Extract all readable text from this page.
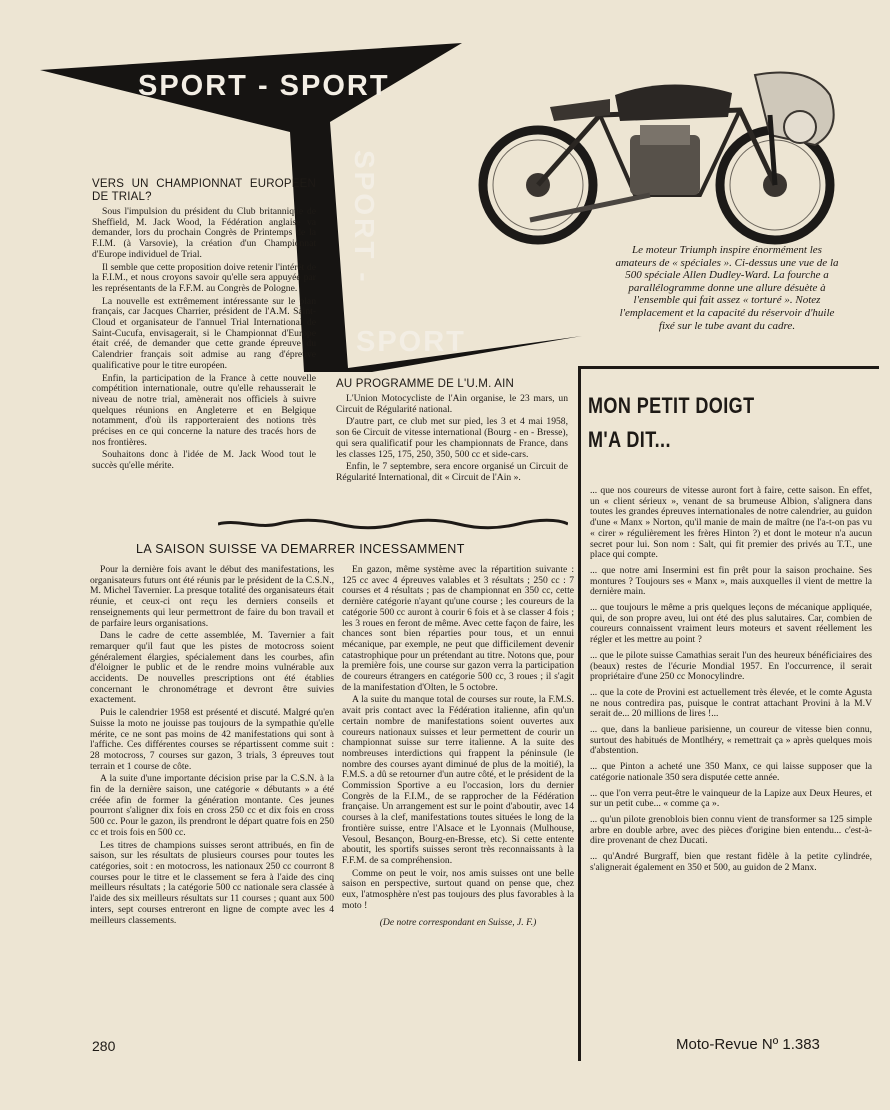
SPORT - SPORT
SPORT -
SPORT
Le moteur Triumph inspire énormément les amateurs de « spéciales ». Ci-dessus une vue de la 500 spéciale Allen Dudley-Ward. La fourche a parallélogramme donne une allure désuète à l'ensemble qui fait assez « torturé ». Notez l'emplacement et la capacité du réservoir d'huile fixé sur le tube avant du cadre.
VERS UN CHAMPIONNAT EUROPEEN DE TRIAL?

Sous l'impulsion du président du Club britannique de Sheffield, M. Jack Wood, la Fédération anglaise va demander, lors du prochain Congrès de Printemps de la F.I.M. (à Varsovie), la création d'un Championnat d'Europe individuel de Trial.

Il semble que cette proposition doive retenir l'intérêt de la F.I.M., et nous croyons savoir qu'elle sera appuyée par les représentants de la F.F.M. au Congrès de Pologne.

La nouvelle est extrêmement intéressante sur le plan français, car Jacques Charrier, président de l'A.M. Saint-Cloud et organisateur de l'annuel Trial International de Saint-Cucufa, envisagerait, si le Championnat d'Europe était créé, de demander que cette grande épreuve du Calendrier français soit admise au rang d'épreuve qualificative pour le titre européen.

Enfin, la participation de la France à cette nouvelle compétition internationale, outre qu'elle rehausserait le niveau de notre trial, amènerait nos officiels à suivre quelques réunions en Angleterre et en Belgique notamment, d'où ils rapporteraient des notions très précises en ce qui concerne la nature des tracés hors de nos frontières.

Souhaitons donc à l'idée de M. Jack Wood tout le succès qu'elle mérite.

AU PROGRAMME DE L'U.M. AIN

L'Union Motocycliste de l'Ain organise, le 23 mars, un Circuit de Régularité national.

D'autre part, ce club met sur pied, les 3 et 4 mai 1958, son 6e Circuit de vitesse international (Bourg - en - Bresse), qui sera qualificatif pour les championnats de France, dans les classes 125, 175, 250, 350, 500 cc et side-cars.

Enfin, le 7 septembre, sera encore organisé un Circuit de Régularité International, dit « Circuit de l'Ain ».

LA SAISON SUISSE VA DEMARRER INCESSAMMENT

Pour la dernière fois avant le début des manifestations, les organisateurs futurs ont été réunis par le président de la C.S.N., M. Michel Tavernier. La presque totalité des organisateurs était réunie, et ceux-ci ont reçu les derniers conseils et renseignements qui leur permettront de faire du bon travail et de parfaire leurs organisations.

Dans le cadre de cette assemblée, M. Tavernier a fait remarquer qu'il faut que les pistes de motocross soient généralement élargies, spécialement dans les courbes, afin d'éloigner le public et de le rendre moins vulnérable aux accidents. De nouvelles prescriptions ont été établies concernant le chronométrage et devront être suivies exactement.

Puis le calendrier 1958 est présenté et discuté. Malgré qu'en Suisse la moto ne jouisse pas toujours de la sympathie qu'elle mérite, ce ne sont pas moins de 42 manifestations qui sont à l'affiche. Ces différentes courses se répartissent comme suit : 28 motocross, 7 courses sur gazon, 3 trials, 3 épreuves tout terrain et 1 course de côte.

A la suite d'une importante décision prise par la C.S.N. à la fin de la dernière saison, une catégorie « débutants » a été créée afin de former la génération montante. Ces jeunes pourront s'aligner dix fois en cross 250 cc et dix fois en cross 500 cc. Pour le gazon, ils prendront le départ quatre fois en 250 cc et trois fois en 500 cc.

Les titres de champions suisses seront attribués, en fin de saison, sur les résultats de plusieurs courses pour toutes les catégories, soit : en motocross, les nationaux 250 cc courront 8 courses pour le titre et le classement se fera à l'aide des cinq meilleurs résultats ; la catégorie 500 cc nationale sera classée à l'aide des six meilleurs résultats sur 11 courses ; quant aux 500 inters, sept courses entreront en ligne de compte avec les 4 meilleurs classements.

En gazon, même système avec la répartition suivante : 125 cc avec 4 épreuves valables et 3 résultats ; 250 cc : 7 courses et 4 résultats ; pas de championnat en 350 cc, cette dernière catégorie n'ayant qu'une course ; les coureurs de la catégorie 500 cc auront à courir 6 fois et à se classer 4 fois ; les 3 roues en feront de même. Avec cette façon de faire, les chances sont bien réparties pour tous, et un ennui mécanique, par exemple, ne peut que difficilement devenir catastrophique pour un prétendant au titre. Notons que, pour la première fois, une course sur gazon verra la participation de coureurs étrangers en catégorie 500 cc, 3 roues ; il s'agit de la manifestation d'Olten, le 5 octobre.

A la suite du manque total de courses sur route, la F.M.S. avait pris contact avec la Fédération italienne, afin qu'un certain nombre de manifestations soient ouvertes aux coureurs nationaux suisses et leur permettent de courir un championnat suisse sur terre italienne. A la suite des nombreuses interdictions qui frappent la péninsule (le nombre des courses ayant diminué de plus de la moitié), la F.M.S. a dû se retourner d'un autre côté, et le président de la Commission Sportive a eu l'occasion, lors du dernier Congrès de la F.I.M., de se rapprocher de la Fédération française. Un arrangement est sur le point d'aboutir, avec 14 courses à la clef, manifestations toutes situées le long de la frontière suisse, entre l'Alsace et le Lyonnais (Mulhouse, Vesoul, Besançon, Bourg-en-Bresse, etc). Si cette entente aboutit, les sportifs suisses seront très reconnaissants à la F.F.M. de sa compréhension.

Comme on peut le voir, nos amis suisses ont une belle saison en perspective, surtout quand on pense que, chez eux, l'atmosphère n'est pas toujours des plus favorables à la moto !

(De notre correspondant en Suisse, J. F.)

MON PETIT DOIGT
M'A DIT...

... que nos coureurs de vitesse auront fort à faire, cette saison. En effet, un « client sérieux », venant de sa brumeuse Albion, s'alignera dans toutes les grandes épreuves internationales de notre calendrier, au guidon d'une « Manx » Norton, qu'il manie de main de maître (ne l'a-t-on pas vu « cirer » régulièrement les frères Hinton ?) et dont le moteur n'a aucun secret pour lui. Son nom : Salt, qui fit premier des privés au T.T., une place qui compte.

... que notre ami Insermini est fin prêt pour la saison prochaine. Ses montures ? Toujours ses « Manx », mais auxquelles il vient de mettre la dernière main.

... que toujours le même a pris quelques leçons de mécanique appliquée, qui, de son propre aveu, lui ont été des plus salutaires. Car, combien de coureurs connaissent vraiment leurs moteurs et savent réellement les régler et les mettre au point ?

... que le pilote suisse Camathias serait l'un des heureux bénéficiaires des (beaux) restes de l'écurie Mondial 1957. En l'occurrence, il serait propriétaire d'une 250 cc Monocylindre.

... que la cote de Provini est actuellement très élevée, et le comte Agusta ne nous contredira pas, puisque le contrat attachant Provini à la M.V serait de... 20 millions de lires !...

... que, dans la banlieue parisienne, un coureur de vitesse bien connu, surtout des habitués de Montlhéry, « remettrait ça » après quelques mois d'abstention.

... que Pinton a acheté une 350 Manx, ce qui laisse supposer que la catégorie nationale 350 sera disputée cette année.

... que l'on verra peut-être le vainqueur de la Lapize aux Deux Heures, et sur un petit cube... « comme ça ».

... qu'un pilote grenoblois bien connu vient de transformer sa 125 simple arbre en double arbre, avec des pièces d'origine bien entendu... c'est-à-dire provenant de chez Ducati.

... qu'André Burgraff, bien que restant fidèle à la petite cylindrée, s'alignerait également en 350 et 500, au guidon de 2 Manx.

280	Moto-Revue Nº 1.383
